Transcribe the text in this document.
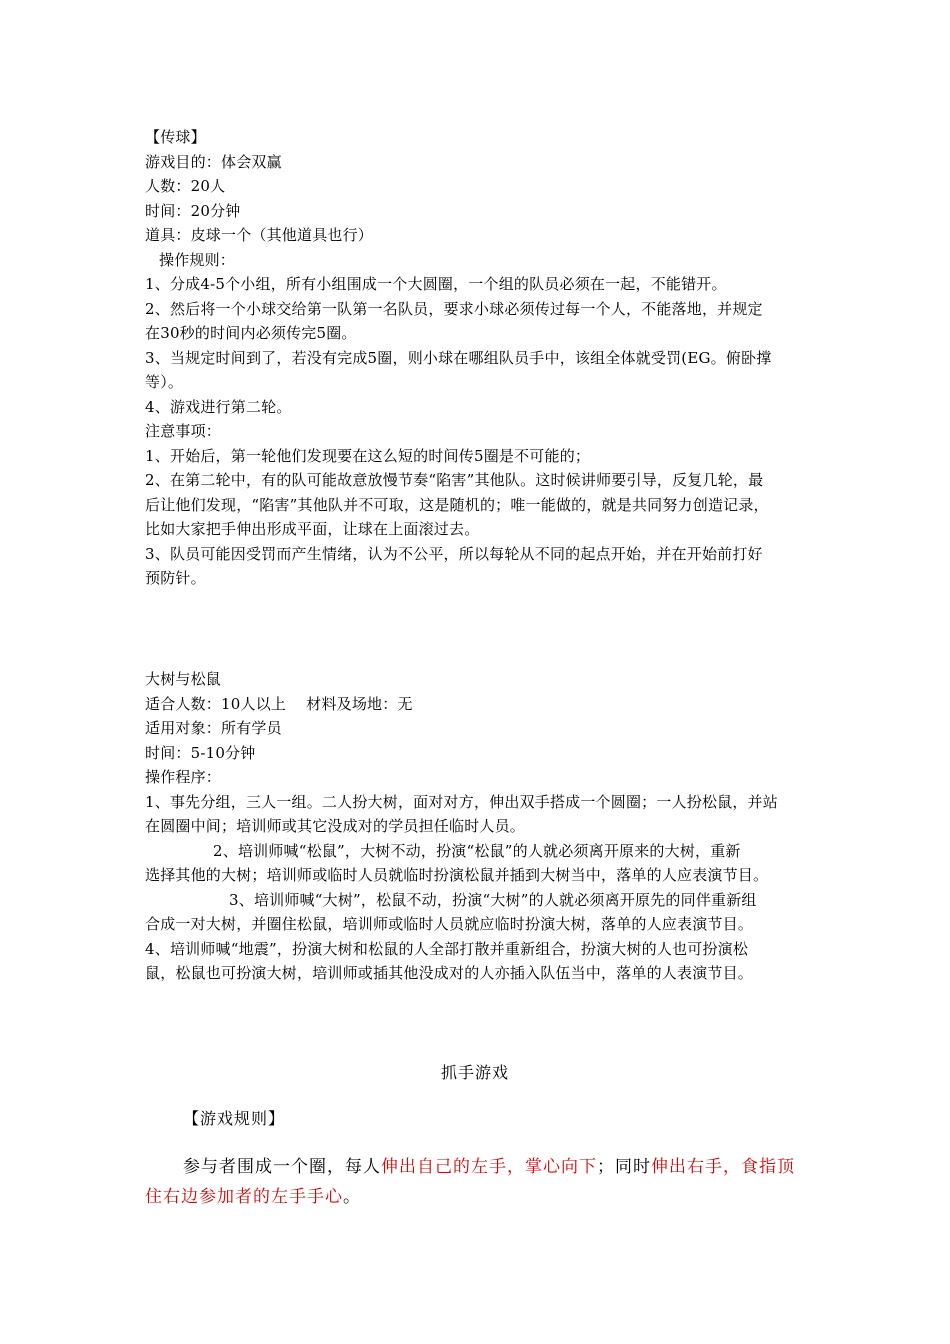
【传球】
游戏目的：体会双赢
人数：20人
时间：20分钟
道具：皮球一个（其他道具也行）
操作规则：
1、分成4-5个小组，所有小组围成一个大圆圈，一个组的队员必须在一起，不能错开。
2、然后将一个小球交给第一队第一名队员，要求小球必须传过每一个人，不能落地，并规定
在30秒的时间内必须传完5圈。
3、当规定时间到了，若没有完成5圈，则小球在哪组队员手中，该组全体就受罚(EG。俯卧撑
等）。
4、游戏进行第二轮。
注意事项：
1、开始后，第一轮他们发现要在这么短的时间传5圈是不可能的；
2、在第二轮中，有的队可能故意放慢节奏“陷害”其他队。这时候讲师要引导，反复几轮，最
后让他们发现，“陷害”其他队并不可取，这是随机的；唯一能做的，就是共同努力创造记录，
比如大家把手伸出形成平面，让球在上面滚过去。
3、队员可能因受罚而产生情绪，认为不公平，所以每轮从不同的起点开始，并在开始前打好
预防针。
大树与松鼠
适合人数：10人以上　 材料及场地：无
适用对象：所有学员
时间：5-10分钟
操作程序：
1、事先分组，三人一组。二人扮大树，面对对方，伸出双手搭成一个圆圈；一人扮松鼠，并站
在圆圈中间；培训师或其它没成对的学员担任临时人员。
2、培训师喊“松鼠”，大树不动，扮演“松鼠”的人就必须离开原来的大树，重新
选择其他的大树；培训师或临时人员就临时扮演松鼠并插到大树当中，落单的人应表演节目。
3、培训师喊“大树”，松鼠不动，扮演“大树”的人就必须离开原先的同伴重新组
合成一对大树，并圈住松鼠，培训师或临时人员就应临时扮演大树，落单的人应表演节目。
4、培训师喊“地震”，扮演大树和松鼠的人全部打散并重新组合，扮演大树的人也可扮演松
鼠，松鼠也可扮演大树，培训师或插其他没成对的人亦插入队伍当中，落单的人表演节目。
抓手游戏
【游戏规则】
参与者围成一个圈，每人伸出自己的左手，掌心向下；同时伸出右手，食指顶
住右边参加者的左手手心。
